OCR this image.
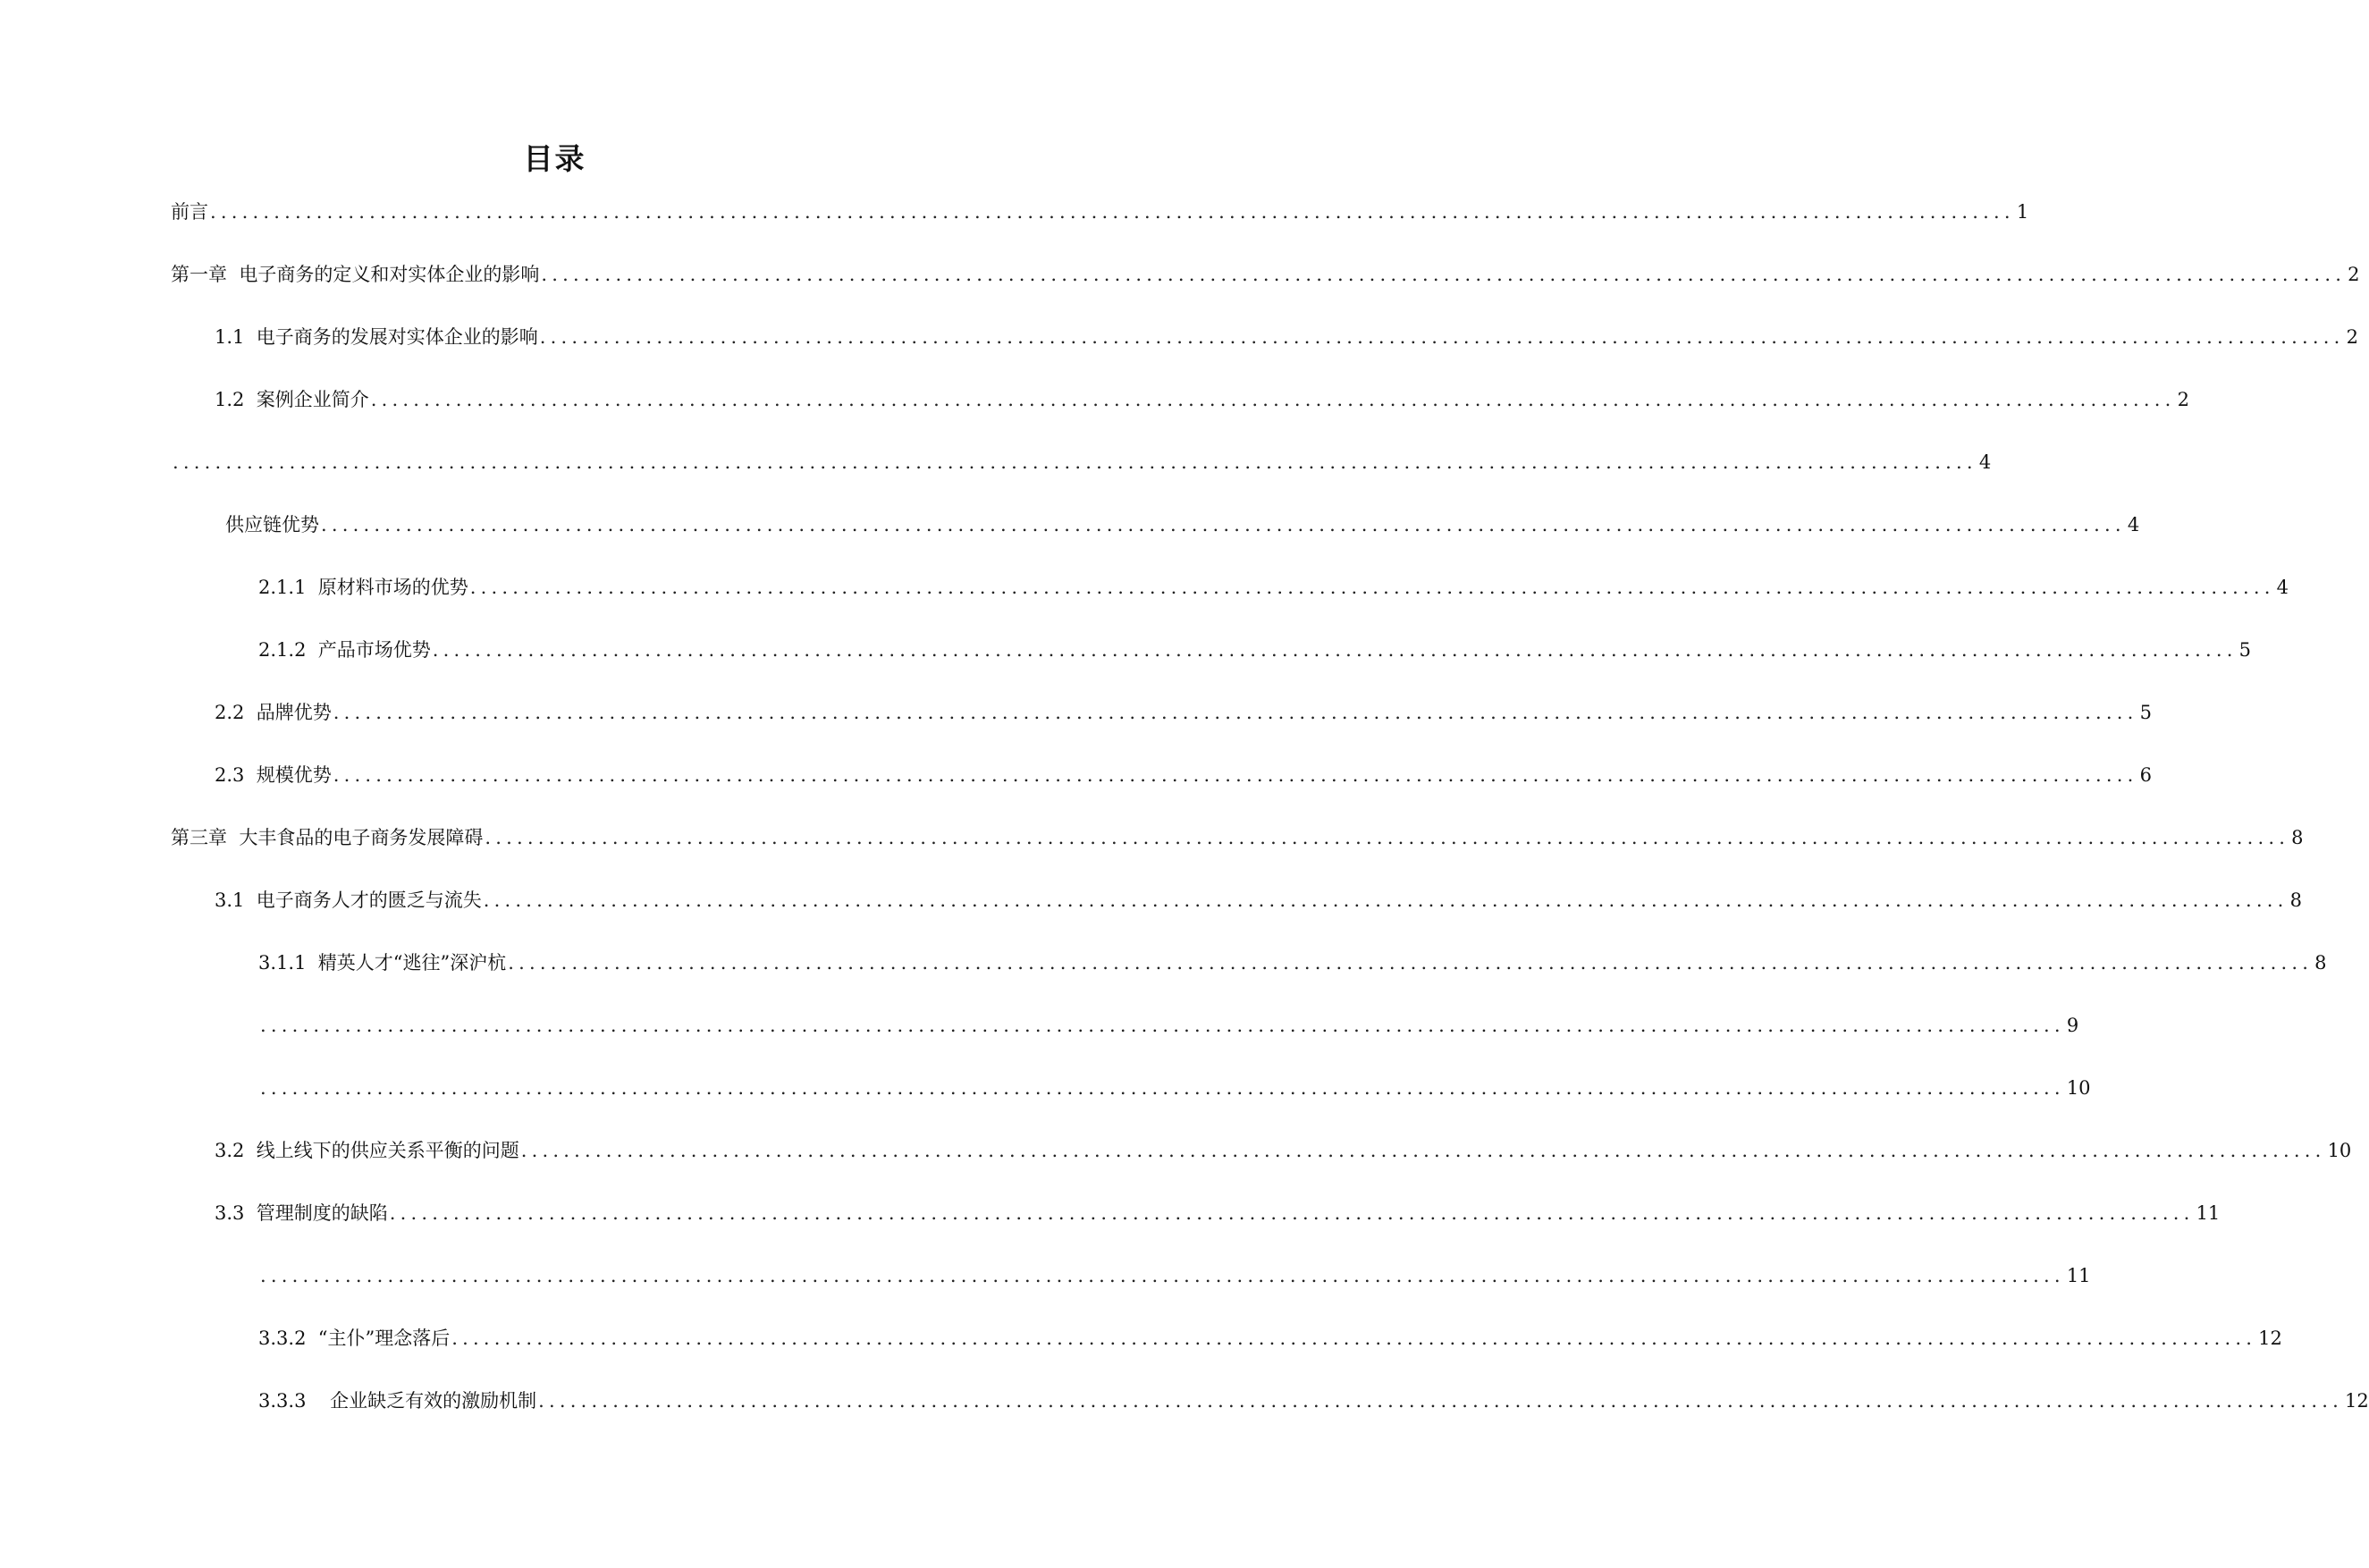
目录
前言 .......................................................................................................................................................................... 1
第一章  电子商务的定义和对实体企业的影响 .......................................................................................................................................................................... 2
1.1  电子商务的发展对实体企业的影响 .......................................................................................................................................................................... 2
1.2  案例企业简介 .......................................................................................................................................................................... 2
.......................................................................................................................................................................... 4
供应链优势 .......................................................................................................................................................................... 4
2.1.1  原材料市场的优势 .......................................................................................................................................................................... 4
2.1.2  产品市场优势 .......................................................................................................................................................................... 5
2.2  品牌优势 .......................................................................................................................................................................... 5
2.3  规模优势 .......................................................................................................................................................................... 6
第三章  大丰食品的电子商务发展障碍 .......................................................................................................................................................................... 8
3.1  电子商务人才的匮乏与流失 .......................................................................................................................................................................... 8
3.1.1  精英人才“逃往”深沪杭 .......................................................................................................................................................................... 8
.......................................................................................................................................................................... 9
.......................................................................................................................................................................... 10
3.2  线上线下的供应关系平衡的问题 .......................................................................................................................................................................... 10
3.3  管理制度的缺陷 .......................................................................................................................................................................... 11
.......................................................................................................................................................................... 11
3.3.2  “主仆”理念落后 .......................................................................................................................................................................... 12
3.3.3    企业缺乏有效的激励机制 .......................................................................................................................................................................... 12
